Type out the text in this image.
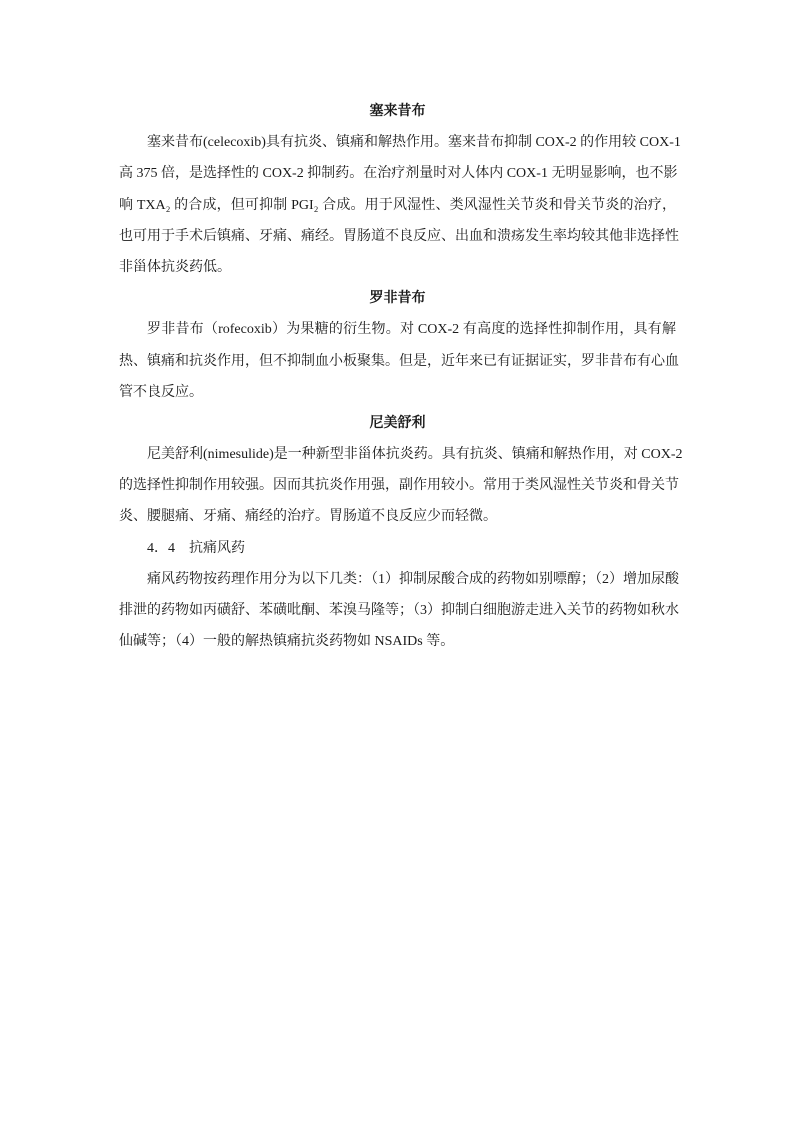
塞来昔布
塞来昔布(celecoxib)具有抗炎、镇痛和解热作用。塞来昔布抑制 COX-2 的作用较 COX-1
高 375 倍，是选择性的 COX-2 抑制药。在治疗剂量时对人体内 COX-1 无明显影响，也不影
响 TXA₂ 的合成，但可抑制 PGI₂ 合成。用于风湿性、类风湿性关节炎和骨关节炎的治疗，
也可用于手术后镇痛、牙痛、痛经。胃肠道不良反应、出血和溃疡发生率均较其他非选择性
非甾体抗炎药低。
罗非昔布
罗非昔布（rofecoxib）为果糖的衍生物。对 COX-2 有高度的选择性抑制作用，具有解
热、镇痛和抗炎作用，但不抑制血小板聚集。但是，近年来已有证据证实，罗非昔布有心血
管不良反应。
尼美舒利
尼美舒利(nimesulide)是一种新型非甾体抗炎药。具有抗炎、镇痛和解热作用，对 COX-2
的选择性抑制作用较强。因而其抗炎作用强，副作用较小。常用于类风湿性关节炎和骨关节
炎、腰腿痛、牙痛、痛经的治疗。胃肠道不良反应少而轻微。
4．4　抗痛风药
痛风药物按药理作用分为以下几类：（1）抑制尿酸合成的药物如别嘌醇；（2）增加尿酸
排泄的药物如丙磺舒、苯磺吡酮、苯溴马隆等；（3）抑制白细胞游走进入关节的药物如秋水
仙碱等；（4）一般的解热镇痛抗炎药物如 NSAIDs 等。
